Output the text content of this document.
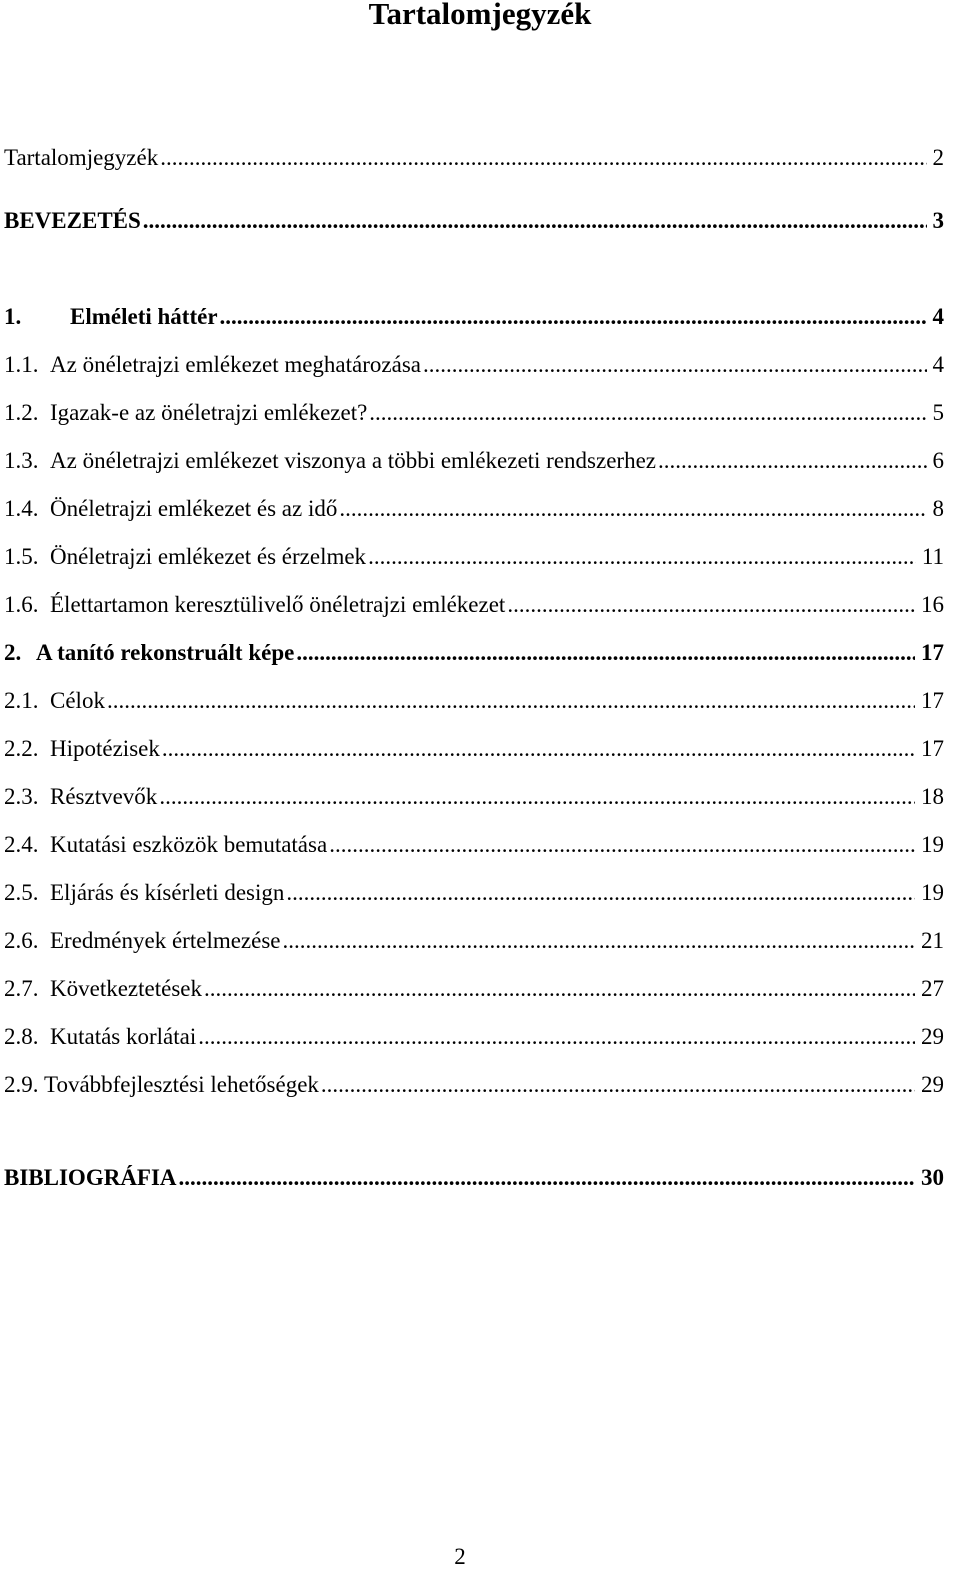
Tartalomjegyzék
Tartalomjegyzék .....	2
BEVEZETÉS .....	3
1.	Elméleti háttér .....	4
1.1. Az önéletrajzi emlékezet meghatározása .....	4
1.2. Igazak-e az önéletrajzi emlékezet? .....	5
1.3. Az önéletrajzi emlékezet viszonya a többi emlékezeti rendszerhez .....	6
1.4. Önéletrajzi emlékezet és az idő .....	8
1.5. Önéletrajzi emlékezet és érzelmek .....	11
1.6. Élettartamon keresztülivelő önéletrajzi emlékezet .....	16
2. A tanító rekonstruált képe .....	17
2.1. Célok .....	17
2.2. Hipotézisek .....	17
2.3. Résztvevők .....	18
2.4. Kutatási eszközök bemutatása .....	19
2.5. Eljárás és kísérleti design .....	19
2.6. Eredmények értelmezése .....	21
2.7. Következtetések .....	27
2.8. Kutatás korlátai .....	29
2.9. Továbbfejlesztési lehetőségek .....	29
BIBLIOGRÁFIA .....	30
2
